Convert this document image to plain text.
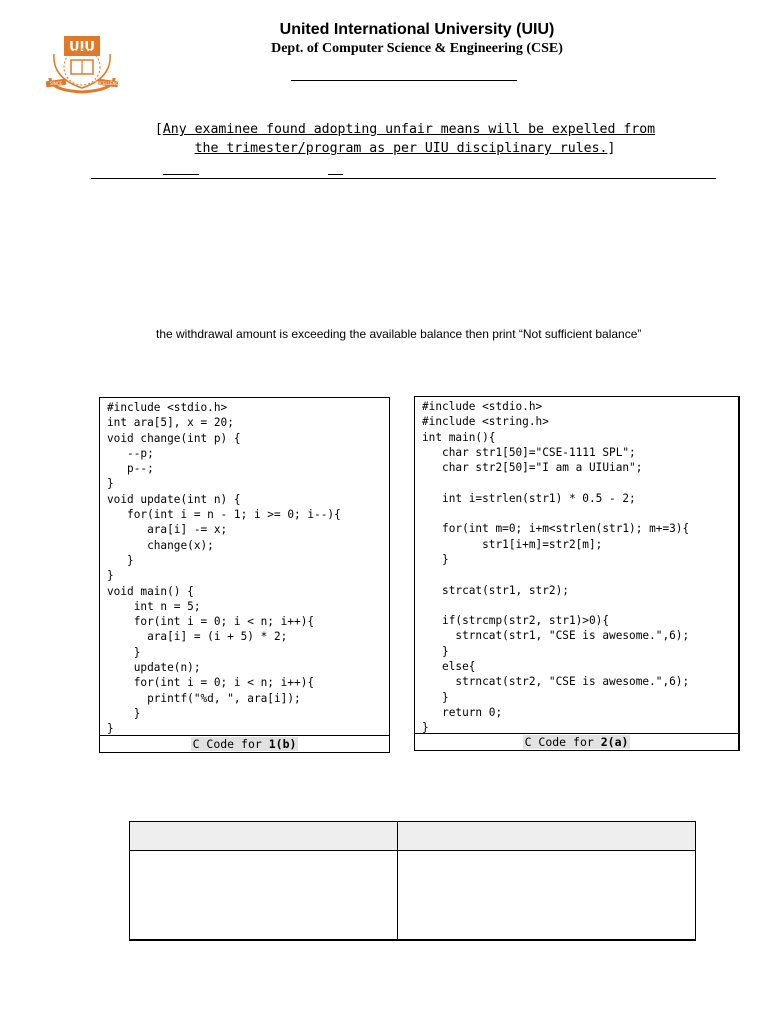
UIU
SINCE	EXCELLENCE
United International University (UIU)
Dept. of Computer Science & Engineering (CSE)
[Any examinee found adopting unfair means will be expelled from
the trimester/program as per UIU disciplinary rules.]
the withdrawal amount is exceeding the available balance then print “Not sufficient balance”
#include <stdio.h>
int ara[5], x = 20;
void change(int p) {
--p;
p--;
}
void update(int n) {
for(int i = n - 1; i >= 0; i--){
ara[i] -= x;
change(x);
}
}
void main() {
int n = 5;
for(int i = 0; i < n; i++){
ara[i] = (i + 5) * 2;
}
update(n);
for(int i = 0; i < n; i++){
printf("%d, ", ara[i]);
}
}
C Code for 1(b)
#include <stdio.h>
#include <string.h>
int main(){
char str1[50]="CSE-1111 SPL";
char str2[50]="I am a UIUian";

int i=strlen(str1) * 0.5 - 2;

for(int m=0; i+m<strlen(str1); m+=3){
str1[i+m]=str2[m];
}

strcat(str1, str2);

if(strcmp(str2, str1)>0){
strncat(str1, "CSE is awesome.",6);
}
else{
strncat(str2, "CSE is awesome.",6);
}
return 0;
}
C Code for 2(a)
